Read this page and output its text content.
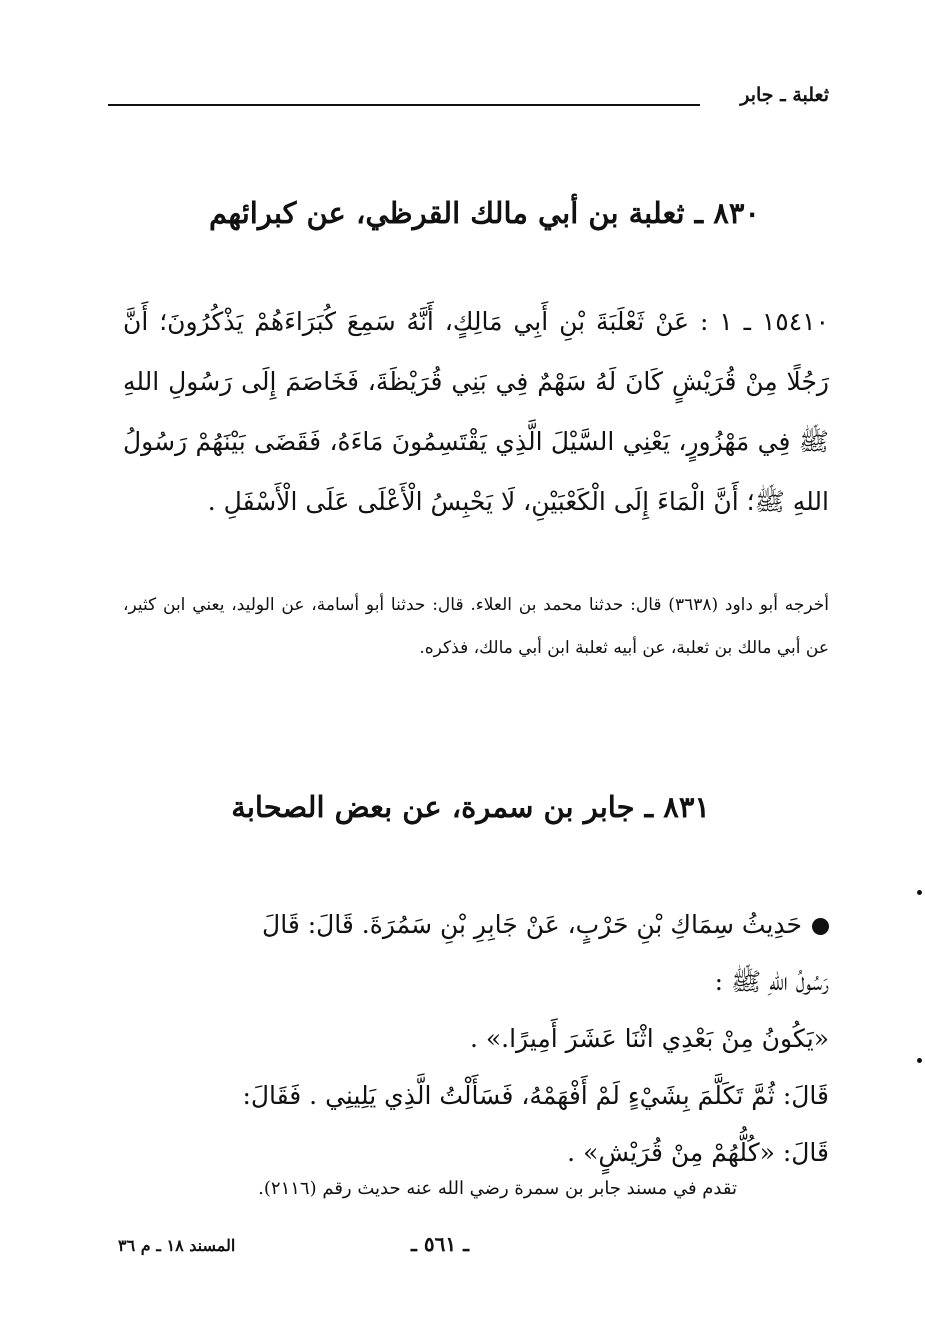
ثعلبة ـ جابر
٨٣٠ ـ ثعلبة بن أبي مالك القرظي، عن كبرائهم
١٥٤١٠ ـ ١ : عَنْ ثَعْلَبَةَ بْنِ أَبِي مَالِكٍ، أَنَّهُ سَمِعَ كُبَرَاءَهُمْ يَذْكُرُونَ؛ أَنَّ رَجُلًا مِنْ قُرَيْشٍ كَانَ لَهُ سَهْمٌ فِي بَنِي قُرَيْظَةَ، فَخَاصَمَ إِلَى رَسُولِ اللهِ ﷺ فِي مَهْزُورٍ، يَعْنِي السَّيْلَ الَّذِي يَقْتَسِمُونَ مَاءَهُ، فَقَضَى بَيْنَهُمْ رَسُولُ اللهِ ﷺ؛ أَنَّ الْمَاءَ إِلَى الْكَعْبَيْنِ، لَا يَحْبِسُ الْأَعْلَى عَلَى الْأَسْفَلِ .
أخرجه أبو داود (٣٦٣٨) قال: حدثنا محمد بن العلاء. قال: حدثنا أبو أسامة، عن الوليد، يعني ابن كثير، عن أبي مالك بن ثعلبة، عن أبيه ثعلبة ابن أبي مالك، فذكره.
٨٣١ ـ جابر بن سمرة، عن بعض الصحابة
حَدِيثُ سِمَاكِ بْنِ حَرْبٍ، عَنْ جَابِرِ بْنِ سَمُرَةَ. قَالَ: قَالَ
رَسُولُ اللهِ ﷺ :
«يَكُونُ مِنْ بَعْدِي اثْنَا عَشَرَ أَمِيرًا.» .
قَالَ: ثُمَّ تَكَلَّمَ بِشَيْءٍ لَمْ أَفْهَمْهُ، فَسَأَلْتُ الَّذِي يَلِينِي . فَقَالَ:
قَالَ: «كُلُّهُمْ مِنْ قُرَيْشٍ» .
تقدم في مسند جابر بن سمرة رضي الله عنه حديث رقم (٢١١٦).
المسند ١٨ ـ م ٣٦	ـ ٥٦١ ـ
